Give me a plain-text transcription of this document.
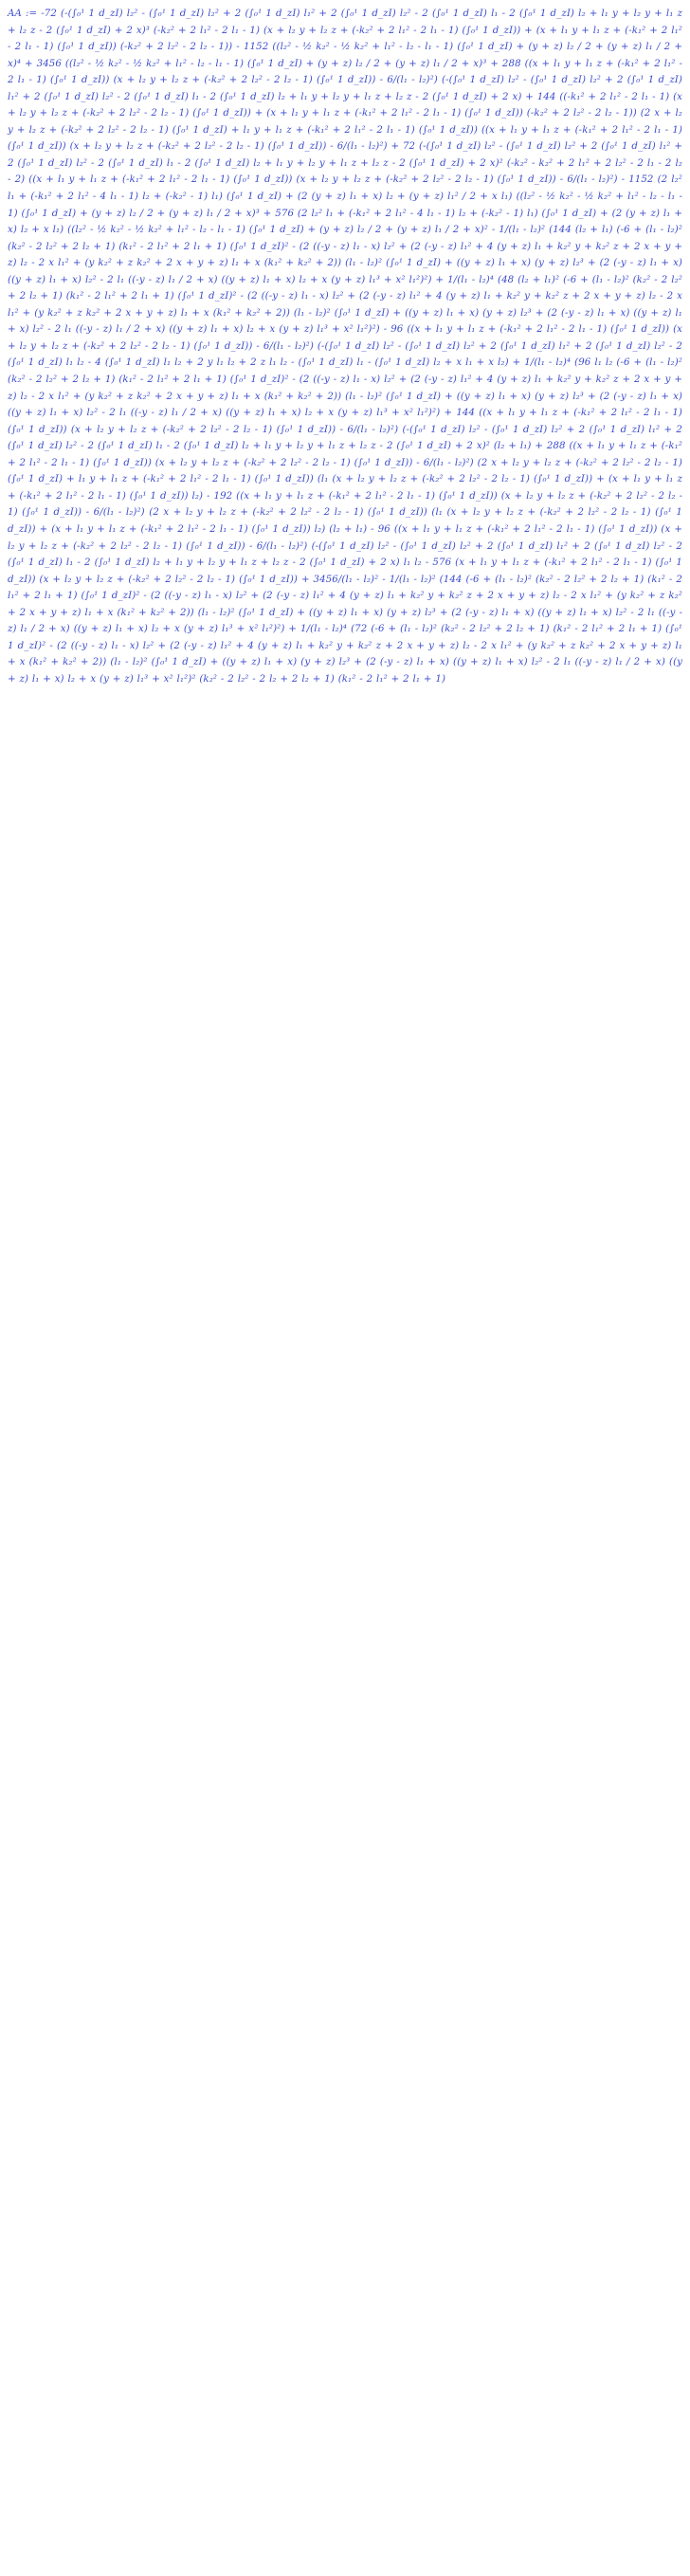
AA := -72 (-(∫₀¹ 1 d_zI) l₂² - (∫₀¹ 1 d_zI) l₂² + 2 (∫₀¹ 1 d_zI) l₁² + 2 (∫₀¹ 1 d_zI) l₂² - 2 (∫₀¹ 1 d_zI) l₁ - 2 (∫₀¹ 1 d_zI) l₂ + l₁ y + l₂ y + l₁ z + l₂ z - 2 (∫₀¹ 1 d_zI) + 2 x)³ (-k₂² + 2 l₁² - 2 l₁ - 1) (x + l₂ y + l₂ z + (-k₂² + 2 l₁² - 2 l₁ - 1) (∫₀¹ 1 d_zI)) + (x + l₁ y + l₁ z + (-k₁² + 2 l₁² - 2 l₁ - 1) (∫₀¹ 1 d_zI)) (-k₂² + 2 l₂² - 2 l₂ - 1)) - 1152 ((l₂² - ½ k₂² - ½ k₂² + l₁² - l₂ - l₁ - 1) (∫₀¹ 1 d_zI) + (y + z) l₂ / 2 + (y + z) l₁ / 2 + x)⁴ + 3456 ((l₂² - ½ k₂² - ½ k₂² + l₁² - l₂ - l₁ - 1) (∫₀¹ 1 d_zI) + (y + z) l₂ / 2 + (y + z) l₁ / 2 + x)³ + 288 ((x + l₁ y + l₁ z + (-k₁² + 2 l₁² - 2 l₁ - 1) (∫₀¹ 1 d_zI)) (x + l₂ y + l₂ z + (-k₂² + 2 l₂² - 2 l₂ - 1) (∫₀¹ 1 d_zI)) - 6/(l₁ - l₂)²) (-(∫₀¹ 1 d_zI) l₂² - (∫₀¹ 1 d_zI) l₂² + 2 (∫₀¹ 1 d_zI) l₁² + 2 (∫₀¹ 1 d_zI) l₂² - 2 (∫₀¹ 1 d_zI) l₁ - 2 (∫₀¹ 1 d_zI) l₂ + l₁ y + l₂ y + l₁ z + l₂ z - 2 (∫₀¹ 1 d_zI) + 2 x) + 144 ((-k₁² + 2 l₁² - 2 l₁ - 1) (x + l₂ y + l₂ z + (-k₂² + 2 l₂² - 2 l₂ - 1) (∫₀¹ 1 d_zI)) + (x + l₁ y + l₁ z + (-k₁² + 2 l₁² - 2 l₁ - 1) (∫₀¹ 1 d_zI)) (-k₂² + 2 l₂² - 2 l₂ - 1)) (2 x + l₂ y + l₂ z + (-k₂² + 2 l₂² - 2 l₂ - 1) (∫₀¹ 1 d_zI) + l₁ y + l₁ z + (-k₁² + 2 l₁² - 2 l₁ - 1) (∫₀¹ 1 d_zI)) ((x + l₁ y + l₁ z + (-k₁² + 2 l₁² - 2 l₁ - 1) (∫₀¹ 1 d_zI)) (x + l₂ y + l₂ z + (-k₂² + 2 l₂² - 2 l₂ - 1) (∫₀¹ 1 d_zI)) - 6/(l₁ - l₂)²) + 72 (-(∫₀¹ 1 d_zI) l₂² - (∫₀¹ 1 d_zI) l₂² + 2 (∫₀¹ 1 d_zI) l₁² + 2 (∫₀¹ 1 d_zI) l₂² - 2 (∫₀¹ 1 d_zI) l₁ - 2 (∫₀¹ 1 d_zI) l₂ + l₁ y + l₂ y + l₁ z + l₂ z - 2 (∫₀¹ 1 d_zI) + 2 x)² (-k₂² - k₂² + 2 l₁² + 2 l₂² - 2 l₁ - 2 l₂ - 2) ((x + l₁ y + l₁ z + (-k₁² + 2 l₁² - 2 l₁ - 1) (∫₀¹ 1 d_zI)) (x + l₂ y + l₂ z + (-k₂² + 2 l₂² - 2 l₂ - 1) (∫₀¹ 1 d_zI)) - 6/(l₁ - l₂)²) - 1152 (2 l₂² l₁ + (-k₁² + 2 l₁² - 4 l₁ - 1) l₂ + (-k₂² - 1) l₁) (∫₀¹ 1 d_zI) + (2 (y + z) l₁ + x) l₂ + (y + z) l₁² / 2 + x l₁) ((l₂² - ½ k₂² - ½ k₂² + l₁² - l₂ - l₁ - 1) (∫₀¹ 1 d_zI) + (y + z) l₂ / 2 + (y + z) l₁ / 2 + x)³ + 576 (2 l₂² l₁ + (-k₁² + 2 l₁² - 4 l₁ - 1) l₂ + (-k₂² - 1) l₁) (∫₀¹ 1 d_zI) + (2 (y + z) l₁ + x) l₂ + x l₁) ((l₂² - ½ k₂² - ½ k₂² + l₁² - l₂ - l₁ - 1) (∫₀¹ 1 d_zI) + (y + z) l₂ / 2 + (y + z) l₁ / 2 + x)² - 1/(l₁ - l₂)² (144 (l₂ + l₁) (-6 + (l₁ - l₂)² (k₂² - 2 l₂² + 2 l₂ + 1) (k₁² - 2 l₁² + 2 l₁ + 1) (∫₀¹ 1 d_zI)² - (2 ((-y - z) l₁ - x) l₂² + (2 (-y - z) l₁² + 4 (y + z) l₁ + k₂² y + k₂² z + 2 x + y + z) l₂ - 2 x l₁² + (y k₂² + z k₂² + 2 x + y + z) l₁ + x (k₁² + k₂² + 2)) (l₁ - l₂)² (∫₀¹ 1 d_zI) + ((y + z) l₁ + x) (y + z) l₂³ + (2 (-y - z) l₁ + x) ((y + z) l₁ + x) l₂² - 2 l₁ ((-y - z) l₁ / 2 + x) ((y + z) l₁ + x) l₂ + x (y + z) l₁³ + x² l₁²)²) + 1/(l₁ - l₂)⁴ (48 (l₂ + l₁)² (-6 + (l₁ - l₂)² (k₂² - 2 l₂² + 2 l₂ + 1) (k₁² - 2 l₁² + 2 l₁ + 1) (∫₀¹ 1 d_zI)² - (2 ((-y - z) l₁ - x) l₂² + (2 (-y - z) l₁² + 4 (y + z) l₁ + k₂² y + k₂² z + 2 x + y + z) l₂ - 2 x l₁² + (y k₂² + z k₂² + 2 x + y + z) l₁ + x (k₁² + k₂² + 2)) (l₁ - l₂)² (∫₀¹ 1 d_zI) + ((y + z) l₁ + x) (y + z) l₂³ + (2 (-y - z) l₁ + x) ((y + z) l₁ + x) l₂² - 2 l₁ ((-y - z) l₁ / 2 + x) ((y + z) l₁ + x) l₂ + x (y + z) l₁³ + x² l₁²)²) - 96 ((x + l₁ y + l₁ z + (-k₁² + 2 l₁² - 2 l₁ - 1) (∫₀¹ 1 d_zI)) (x + l₂ y + l₂ z + (-k₂² + 2 l₂² - 2 l₂ - 1) (∫₀¹ 1 d_zI)) - 6/(l₁ - l₂)²) (-(∫₀¹ 1 d_zI) l₂² - (∫₀¹ 1 d_zI) l₂² + 2 (∫₀¹ 1 d_zI) l₁² + 2 (∫₀¹ 1 d_zI) l₂² - 2 (∫₀¹ 1 d_zI) l₁ l₂ - 4 (∫₀¹ 1 d_zI) l₁ l₂ + 2 y l₁ l₂ + 2 z l₁ l₂ - (∫₀¹ 1 d_zI) l₁ - (∫₀¹ 1 d_zI) l₂ + x l₁ + x l₂) + 1/(l₁ - l₂)⁴ (96 l₁ l₂ (-6 + (l₁ - l₂)² (k₂² - 2 l₂² + 2 l₂ + 1) (k₁² - 2 l₁² + 2 l₁ + 1) (∫₀¹ 1 d_zI)² - (2 ((-y - z) l₁ - x) l₂² + (2 (-y - z) l₁² + 4 (y + z) l₁ + k₂² y + k₂² z + 2 x + y + z) l₂ - 2 x l₁² + (y k₂² + z k₂² + 2 x + y + z) l₁ + x (k₁² + k₂² + 2)) (l₁ - l₂)² (∫₀¹ 1 d_zI) + ((y + z) l₁ + x) (y + z) l₂³ + (2 (-y - z) l₁ + x) ((y + z) l₁ + x) l₂² - 2 l₁ ((-y - z) l₁ / 2 + x) ((y + z) l₁ + x) l₂ + x (y + z) l₁³ + x² l₁²)²) + 144 ((x + l₁ y + l₁ z + (-k₁² + 2 l₁² - 2 l₁ - 1) (∫₀¹ 1 d_zI)) (x + l₂ y + l₂ z + (-k₂² + 2 l₂² - 2 l₂ - 1) (∫₀¹ 1 d_zI)) - 6/(l₁ - l₂)²) (-(∫₀¹ 1 d_zI) l₂² - (∫₀¹ 1 d_zI) l₂² + 2 (∫₀¹ 1 d_zI) l₁² + 2 (∫₀¹ 1 d_zI) l₂² - 2 (∫₀¹ 1 d_zI) l₁ - 2 (∫₀¹ 1 d_zI) l₂ + l₁ y + l₂ y + l₁ z + l₂ z - 2 (∫₀¹ 1 d_zI) + 2 x)² (l₂ + l₁) + 288 ((x + l₁ y + l₁ z + (-k₁² + 2 l₁² - 2 l₁ - 1) (∫₀¹ 1 d_zI)) (x + l₂ y + l₂ z + (-k₂² + 2 l₂² - 2 l₂ - 1) (∫₀¹ 1 d_zI)) - 6/(l₁ - l₂)²) (2 x + l₂ y + l₂ z + (-k₂² + 2 l₂² - 2 l₂ - 1) (∫₀¹ 1 d_zI) + l₁ y + l₁ z + (-k₁² + 2 l₁² - 2 l₁ - 1) (∫₀¹ 1 d_zI)) (l₁ (x + l₂ y + l₂ z + (-k₂² + 2 l₂² - 2 l₂ - 1) (∫₀¹ 1 d_zI)) + (x + l₁ y + l₁ z + (-k₁² + 2 l₁² - 2 l₁ - 1) (∫₀¹ 1 d_zI)) l₂) - 192 ((x + l₁ y + l₁ z + (-k₁² + 2 l₁² - 2 l₁ - 1) (∫₀¹ 1 d_zI)) (x + l₂ y + l₂ z + (-k₂² + 2 l₂² - 2 l₂ - 1) (∫₀¹ 1 d_zI)) - 6/(l₁ - l₂)²) (2 x + l₂ y + l₂ z + (-k₂² + 2 l₂² - 2 l₂ - 1) (∫₀¹ 1 d_zI)) (l₁ (x + l₂ y + l₂ z + (-k₂² + 2 l₂² - 2 l₂ - 1) (∫₀¹ 1 d_zI)) + (x + l₁ y + l₁ z + (-k₁² + 2 l₁² - 2 l₁ - 1) (∫₀¹ 1 d_zI)) l₂) (l₂ + l₁) - 96 ((x + l₁ y + l₁ z + (-k₁² + 2 l₁² - 2 l₁ - 1) (∫₀¹ 1 d_zI)) (x + l₂ y + l₂ z + (-k₂² + 2 l₂² - 2 l₂ - 1) (∫₀¹ 1 d_zI)) - 6/(l₁ - l₂)²) (-(∫₀¹ 1 d_zI) l₂² - (∫₀¹ 1 d_zI) l₂² + 2 (∫₀¹ 1 d_zI) l₁² + 2 (∫₀¹ 1 d_zI) l₂² - 2 (∫₀¹ 1 d_zI) l₁ - 2 (∫₀¹ 1 d_zI) l₂ + l₁ y + l₂ y + l₁ z + l₂ z - 2 (∫₀¹ 1 d_zI) + 2 x) l₁ l₂ - 576 (x + l₁ y + l₁ z + (-k₁² + 2 l₁² - 2 l₁ - 1) (∫₀¹ 1 d_zI)) (x + l₂ y + l₂ z + (-k₂² + 2 l₂² - 2 l₂ - 1) (∫₀¹ 1 d_zI)) + 3456/(l₁ - l₂)² - 1/(l₁ - l₂)² (144 (-6 + (l₁ - l₂)² (k₂² - 2 l₂² + 2 l₂ + 1) (k₁² - 2 l₁² + 2 l₁ + 1) (∫₀¹ 1 d_zI)² - (2 ((-y - z) l₁ - x) l₂² + (2 (-y - z) l₁² + 4 (y + z) l₁ + k₂² y + k₂² z + 2 x + y + z) l₂ - 2 x l₁² + (y k₂² + z k₂² + 2 x + y + z) l₁ + x (k₁² + k₂² + 2)) (l₁ - l₂)² (∫₀¹ 1 d_zI) + ((y + z) l₁ + x) (y + z) l₂³ + (2 (-y - z) l₁ + x) ((y + z) l₁ + x) l₂² - 2 l₁ ((-y - z) l₁ / 2 + x) ((y + z) l₁ + x) l₂ + x (y + z) l₁³ + x² l₁²)²) + 1/(l₁ - l₂)⁴ (72 (-6 + (l₁ - l₂)² (k₂² - 2 l₂² + 2 l₂ + 1) (k₁² - 2 l₁² + 2 l₁ + 1) (∫₀¹ 1 d_zI)² - (2 ((-y - z) l₁ - x) l₂² + (2 (-y - z) l₁² + 4 (y + z) l₁ + k₂² y + k₂² z + 2 x + y + z) l₂ - 2 x l₁² + (y k₂² + z k₂² + 2 x + y + z) l₁ + x (k₁² + k₂² + 2)) (l₁ - l₂)² (∫₀¹ 1 d_zI) + ((y + z) l₁ + x) (y + z) l₂³ + (2 (-y - z) l₁ + x) ((y + z) l₁ + x) l₂² - 2 l₁ ((-y - z) l₁ / 2 + x) ((y + z) l₁ + x) l₂ + x (y + z) l₁³ + x² l₁²)² (k₂² - 2 l₂² - 2 l₂ + 2 l₂ + 1) (k₁² - 2 l₁² + 2 l₁ + 1)
